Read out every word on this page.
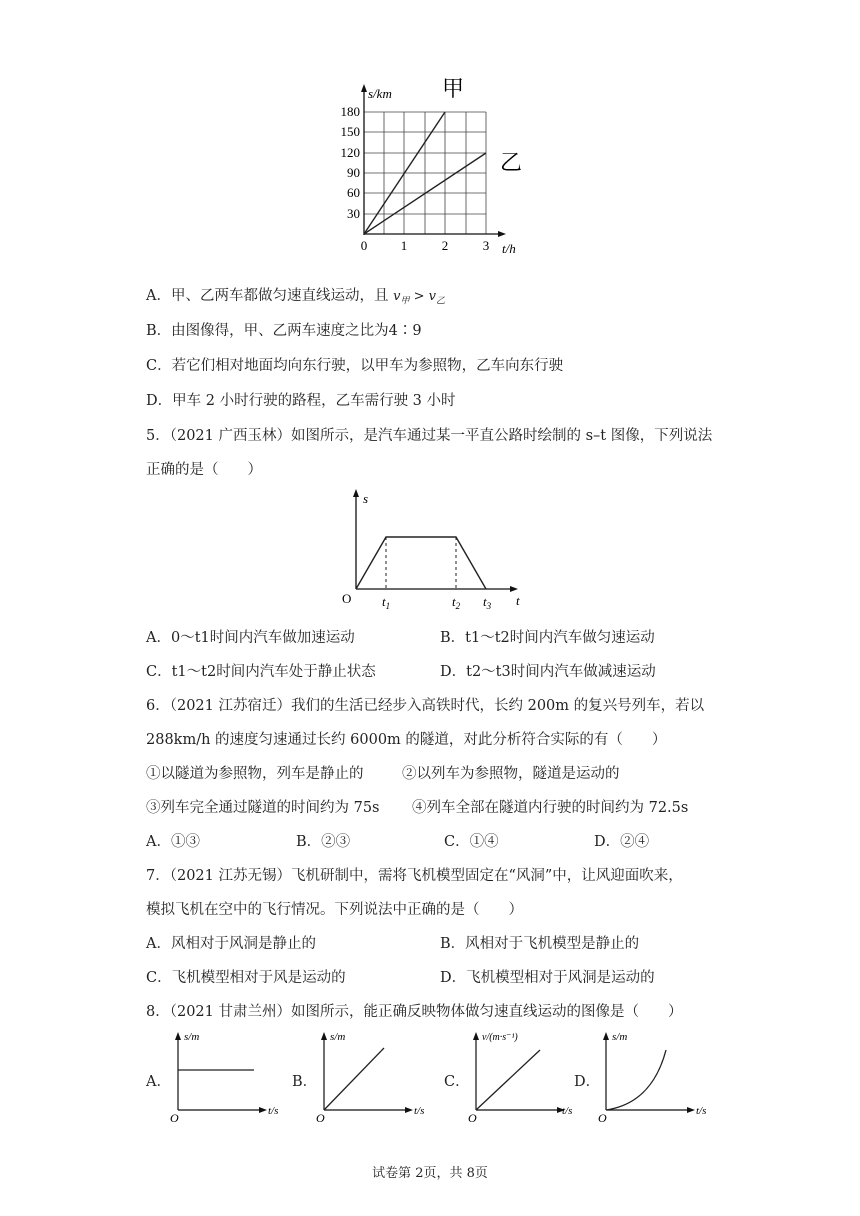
180
150
120
90
60
30
0	1	2	3
s/km
t/h
甲
乙
A．甲、乙两车都做匀速直线运动，且 $v_甲 > v_乙$
B．由图像得，甲、乙两车速度之比为4∶9
C．若它们相对地面均向东行驶，以甲车为参照物，乙车向东行驶
D．甲车 2 小时行驶的路程，乙车需行驶 3 小时
5．（2021 广西玉林）如图所示，是汽车通过某一平直公路时绘制的 s–t 图像，下列说法
正确的是（　　）
s
t
O $t_1$	$t_2$ $t_3$
A．0～t1时间内汽车做加速运动	B．t1～t2时间内汽车做匀速运动
C．t1～t2时间内汽车处于静止状态	D．t2～t3时间内汽车做减速运动
6．（2021 江苏宿迁）我们的生活已经步入高铁时代，长约 200m 的复兴号列车，若以
288km/h 的速度匀速通过长约 6000m 的隧道，对此分析符合实际的有（　　）
①以隧道为参照物，列车是静止的	②以列车为参照物，隧道是运动的
③列车完全通过隧道的时间约为 75s ④列车全部在隧道内行驶的时间约为 72.5s
A．①③	B．②③	C．①④	D．②④
7．（2021 江苏无锡）飞机研制中，需将飞机模型固定在“风洞”中，让风迎面吹来，
模拟飞机在空中的飞行情况。下列说法中正确的是（　　）
A．风相对于风洞是静止的	B．风相对于飞机模型是静止的
C．飞机模型相对于风是运动的	D．飞机模型相对于风洞是运动的
8．（2021 甘肃兰州）如图所示，能正确反映物体做匀速直线运动的图像是（　　）
A．
s/m
t/s
O
B．
s/m
t/s
O
C．
v/(m·s⁻¹)
t/s
O
D．
s/m
t/s
O
试卷第 2页，共 8页
